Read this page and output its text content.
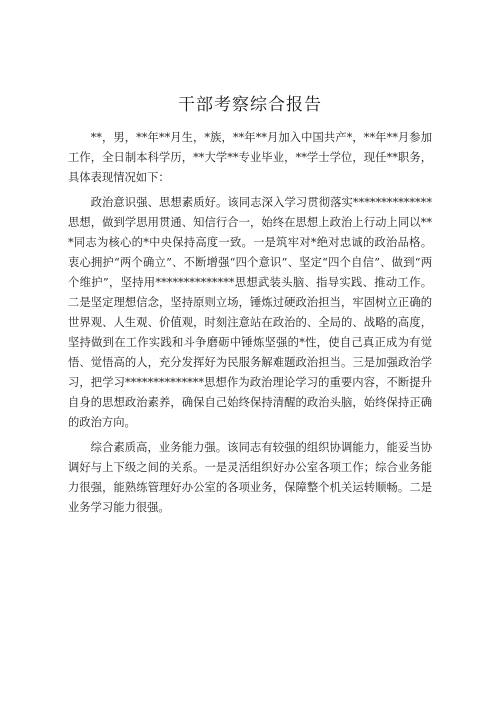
干部考察综合报告

**，男，**年**月生，*族，**年**月加入中国共产*，**年**月参加工作，全日制本科学历，**大学**专业毕业，**学士学位，现任**职务，具体表现情况如下：

政治意识强、思想素质好。该同志深入学习贯彻落实**************思想，做到学思用贯通、知信行合一，始终在思想上政治上行动上同以***同志为核心的*中央保持高度一致。一是筑牢对*绝对忠诚的政治品格。衷心拥护“两个确立”、不断增强“四个意识”、坚定“四个自信”、做到“两个维护”，坚持用**************思想武装头脑、指导实践、推动工作。二是坚定理想信念，坚持原则立场，锤炼过硬政治担当，牢固树立正确的世界观、人生观、价值观，时刻注意站在政治的、全局的、战略的高度，坚持做到在工作实践和斗争磨砺中锤炼坚强的*性，使自己真正成为有觉悟、觉悟高的人，充分发挥好为民服务解难题政治担当。三是加强政治学习，把学习**************思想作为政治理论学习的重要内容，不断提升自身的思想政治素养，确保自己始终保持清醒的政治头脑，始终保持正确的政治方向。

综合素质高，业务能力强。该同志有较强的组织协调能力，能妥当协调好与上下级之间的关系。一是灵活组织好办公室各项工作；综合业务能力很强，能熟练管理好办公室的各项业务，保障整个机关运转顺畅。二是业务学习能力很强。
